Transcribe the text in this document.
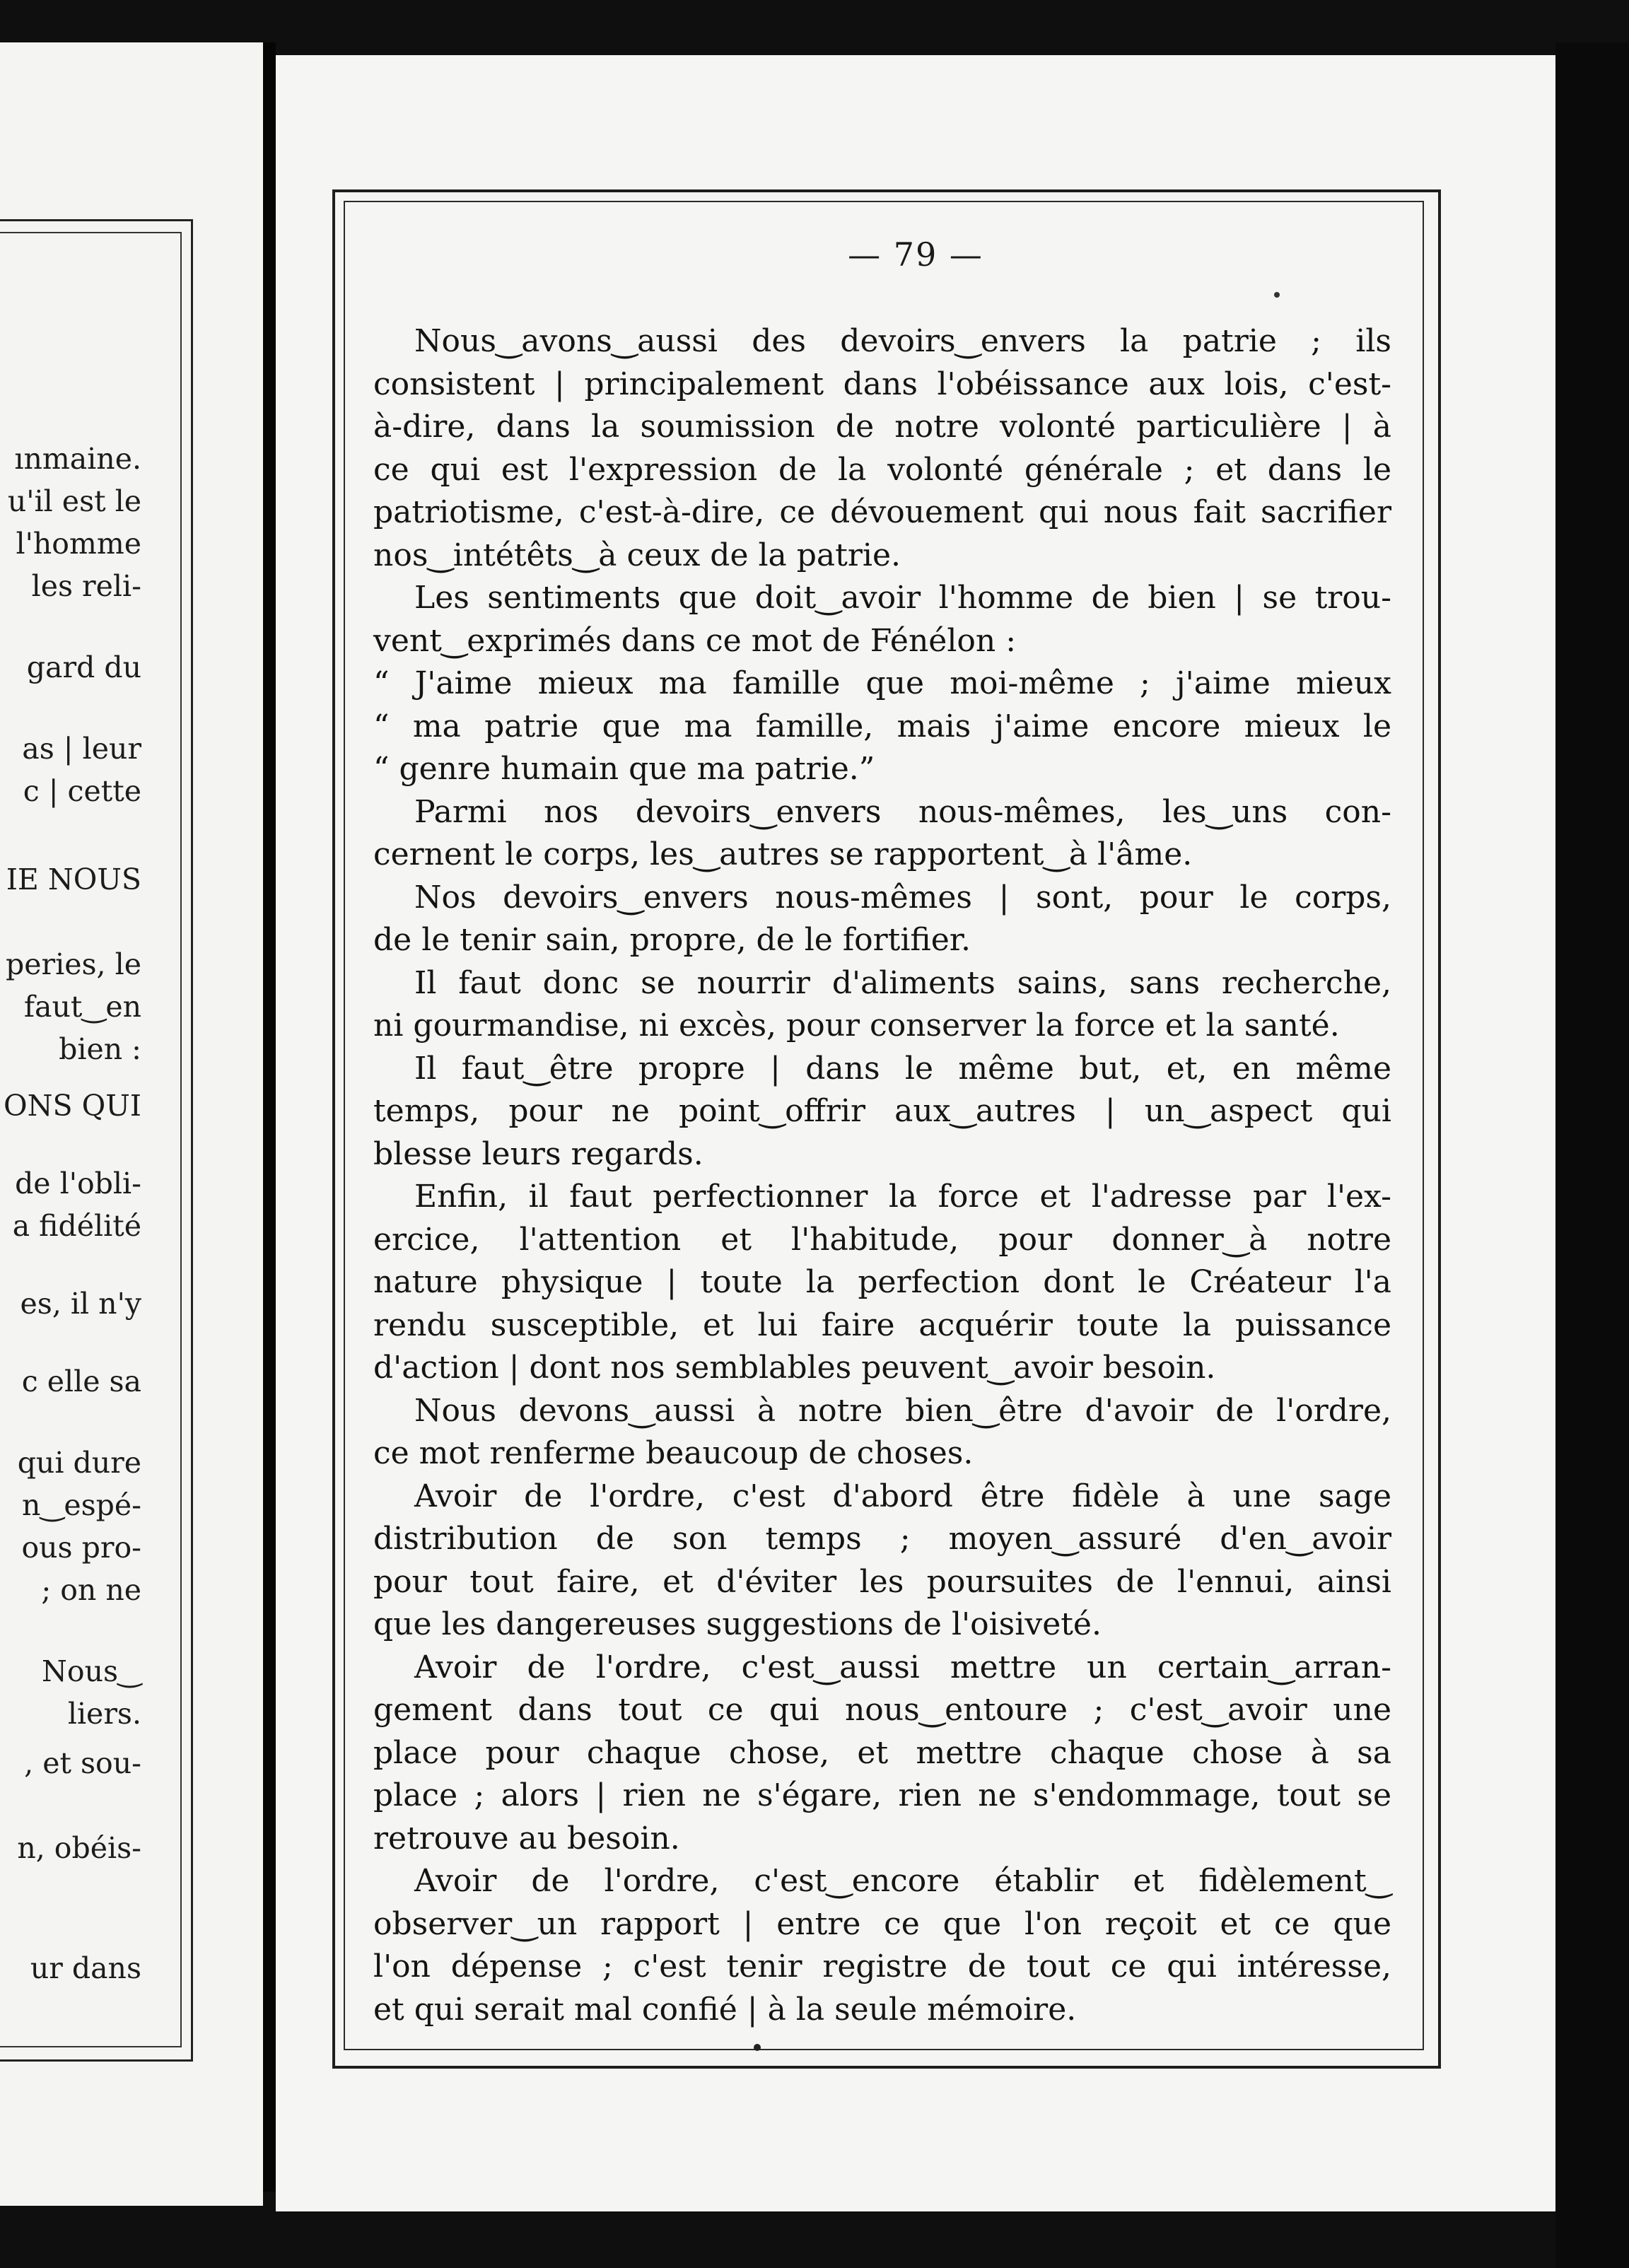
ınmaine.
u'il est le
l'homme
les reli-
gard du
as | leur
c | cette
IE NOUS
peries, le
faut‿en
bien :
ONS QUI
de l'obli-
a fidélité
es, il n'y
c elle sa
qui dure
n‿espé-
ous pro-
; on ne
Nous‿
liers.
, et sou-
n, obéis-
ur dans
— 79 —
Nous‿avons‿aussi des devoirs‿envers la patrie ; ils
consistent | principalement dans l'obéissance aux lois, c'est-
à-dire, dans la soumission de notre volonté particulière | à
ce qui est l'expression de la volonté générale ; et dans le
patriotisme, c'est-à-dire, ce dévouement qui nous fait sacrifier
nos‿intétêts‿à ceux de la patrie.
Les sentiments que doit‿avoir l'homme de bien | se trou-
vent‿exprimés dans ce mot de Fénélon :
“ J'aime mieux ma famille que moi-même ; j'aime mieux
“ ma patrie que ma famille, mais j'aime encore mieux le
“ genre humain que ma patrie.”
Parmi nos devoirs‿envers nous-mêmes, les‿uns con-
cernent le corps, les‿autres se rapportent‿à l'âme.
Nos devoirs‿envers nous-mêmes | sont, pour le corps,
de le tenir sain, propre, de le fortifier.
Il faut donc se nourrir d'aliments sains, sans recherche,
ni gourmandise, ni excès, pour conserver la force et la santé.
Il faut‿être propre | dans le même but, et, en même
temps, pour ne point‿offrir aux‿autres | un‿aspect qui
blesse leurs regards.
Enfin, il faut perfectionner la force et l'adresse par l'ex-
ercice, l'attention et l'habitude, pour donner‿à notre
nature physique | toute la perfection dont le Créateur l'a
rendu susceptible, et lui faire acquérir toute la puissance
d'action | dont nos semblables peuvent‿avoir besoin.
Nous devons‿aussi à notre bien‿être d'avoir de l'ordre,
ce mot renferme beaucoup de choses.
Avoir de l'ordre, c'est d'abord être fidèle à une sage
distribution de son temps ; moyen‿assuré d'en‿avoir
pour tout faire, et d'éviter les poursuites de l'ennui, ainsi
que les dangereuses suggestions de l'oisiveté.
Avoir de l'ordre, c'est‿aussi mettre un certain‿arran-
gement dans tout ce qui nous‿entoure ; c'est‿avoir une
place pour chaque chose, et mettre chaque chose à sa
place ; alors | rien ne s'égare, rien ne s'endommage, tout se
retrouve au besoin.
Avoir de l'ordre, c'est‿encore établir et fidèlement‿
observer‿un rapport | entre ce que l'on reçoit et ce que
l'on dépense ; c'est tenir registre de tout ce qui intéresse,
et qui serait mal confié | à la seule mémoire.
